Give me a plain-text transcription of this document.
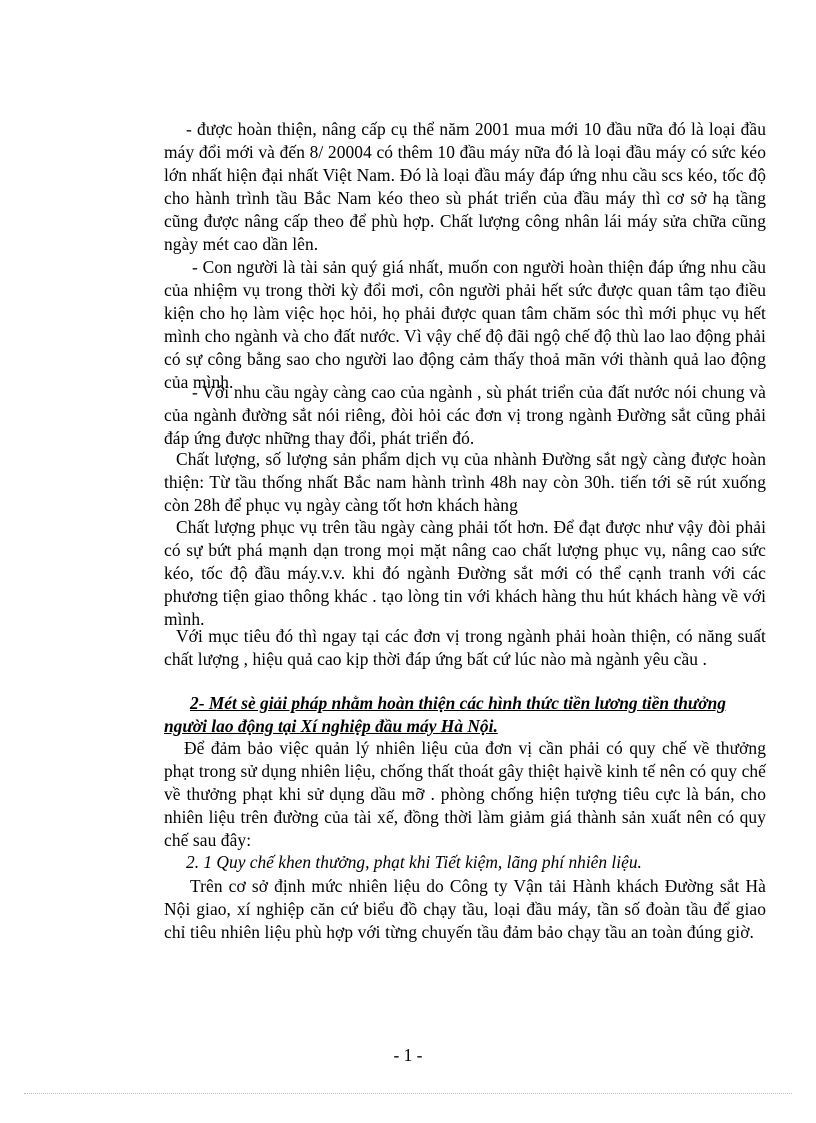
- được hoàn thiện, nâng cấp cụ thể năm 2001 mua mới 10 đầu nữa đó là loại đầu máy đổi mới và đến 8/ 20004 có thêm 10 đầu máy nữa đó là loại đầu máy có sức kéo lớn nhất hiện đại nhất Việt Nam. Đó là loại đầu máy đáp ứng nhu cầu scs kéo, tốc độ cho hành trình tầu Bắc Nam kéo theo sù phát triển của đầu máy thì cơ sở hạ tầng cũng được nâng cấp theo để phù hợp. Chất lượng công nhân lái máy sửa chữa cũng ngày mét cao dần lên.

- Con người là tài sản quý giá nhất, muốn con người hoàn thiện đáp ứng nhu cầu của nhiệm vụ trong thời kỳ đổi mơi, côn người phải hết sức được quan tâm tạo điều kiện cho họ làm việc học hỏi, họ phải được quan tâm chăm sóc thì mới phục vụ hết mình cho ngành và cho đất nước. Vì vậy chế độ đãi ngộ chế độ thù lao lao động phải có sự công bằng sao cho người lao động cảm thấy thoả mãn với thành quả lao động của mình.

- Với nhu cầu ngày càng cao của ngành , sù phát triển của đất nước nói chung và của ngành đường sắt nói riêng, đòi hỏi các đơn vị trong ngành Đường sắt cũng phải đáp ứng được những thay đổi, phát triển đó.

Chất lượng, số lượng sản phẩm dịch vụ của nhành Đường sắt ngỳ càng được hoàn thiện: Từ tầu thống nhất Bắc nam hành trình 48h nay còn 30h. tiến tới sẽ rút xuống còn 28h để phục vụ ngày càng tốt hơn khách hàng

Chất lượng phục vụ trên tầu ngày càng phải tốt hơn. Để đạt được như vậy đòi phải có sự bứt phá mạnh dạn trong mọi mặt nâng cao chất lượng phục vụ, nâng cao sức kéo, tốc độ đầu máy.v.v. khi đó ngành Đường sắt mới có thể cạnh tranh với các phương tiện giao thông khác . tạo lòng tin với khách hàng thu hút khách hàng về với mình.

Với mục tiêu đó thì ngay tại các đơn vị trong ngành phải hoàn thiện, có năng suất chất lượng , hiệu quả cao kịp thời đáp ứng bất cứ lúc nào mà ngành yêu cầu .

2- Mét sè giải pháp nhằm hoàn thiện các hình thức tiền lương tiền thưởng người lao động tại Xí nghiệp đầu máy Hà Nội.

Để đảm bảo việc quản lý nhiên liệu của đơn vị cần phải có quy chế về thưởng phạt trong sử dụng nhiên liệu, chống thất thoát gây thiệt hạivề kinh tế nên có quy chế về thưởng phạt khi sử dụng dầu mỡ . phòng chống hiện tượng tiêu cực là bán, cho nhiên liệu trên đường của tài xế, đồng thời làm giảm giá thành sản xuất nên có quy chế sau đây:

2. 1 Quy chế khen thưởng, phạt khi Tiết kiệm, lãng phí nhiên liệu.

Trên cơ sở định mức nhiên liệu do Công ty Vận tải Hành khách Đường sắt Hà Nội giao, xí nghiệp căn cứ biểu đồ chạy tầu, loại đầu máy, tần số đoàn tầu để giao chỉ tiêu nhiên liệu phù hợp với từng chuyến tầu đảm bảo chạy tầu an toàn đúng giờ.

- 1 -
